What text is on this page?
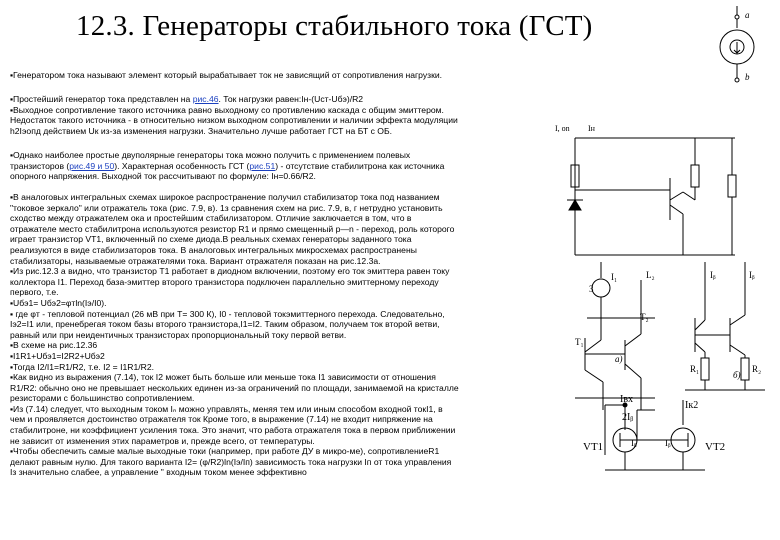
12.3. Генераторы стабильного тока (ГСТ)

▪Генератором тока называют элемент который вырабатывает ток не зависящий от сопротивления нагрузки.

▪Простейший генератор тока представлен на рис.46. Ток нагрузки равен:Iн-(Uст-Uбэ)/R2

▪Выходное сопротивление такого источника равно выходному со противлению каскада с общим эмиттером.

Недостаток такого источника - в относительно низком выходном сопротивлении и наличии эффекта модуляции

h2Iэопд действием Uк из-за изменения нагрузки. Значительно лучше работает ГСТ на БТ с ОБ.

▪Однако наиболее простые двуполярные генераторы тока можно получить с применением полевых

транзисторов (рис.49 и 50). Характерная особенность ГСТ (рис.51) - отсутствие стабилитрона как источника

опорного напряжения. Выходной ток рассчитывают по формуле: Iн=0.66/R2.

▪В аналоговых интегральных схемах широкое распространение получил стабилизатор тока под названием

"токовое зеркало" или отражатель тока (рис. 7.9, в). 1з сравнения схем на рис. 7.9, в, г нетрудно установить

сходство между отражателем ока и простейшим стабилизатором. Отличие заключается в том, что в

отражателе место стабилитрона используются резистор R1 и прямо смещенный р—n - переход, роль которого

играет транзистор VT1, включенный по схеме диода.В реальных схемах генераторы заданного тока

реализуются в виде стабилизаторов тока. В аналоговых интегральных микросхемах распространены

стабилизаторы, называемые отражателями тока. Вариант отражателя показан на рис.12.3а.

▪Из рис.12.3 а видно, что транзистор Т1 работает в диодном включении, поэтому его ток эмиттера равен току

коллектора I1. Переход база-эмиттер второго транзистора подключен параллельно эмиттерному переходу

первого, т.е.

▪Uбэ1= Uбэ2=φтln(Iэ/I0).

▪ где φт - тепловой потенциал (26 мВ при Т= 300 К), I0 - тепловой токэмиттерного перехода. Следовательно,

Iэ2=I1 или, пренебрегая током базы второго транзистора,I1=I2. Таким образом, получаем ток второй ветви,

равный или при неидентичных транзисторах пропорциональный току первой ветви.

▪В схеме на рис.12.36

▪I1R1+Uбэ1=I2R2+Uбэ2

▪Тогда I2/I1=R1/R2, т.е. I2 = I1R1/R2.

▪Как видно из выражения (7.14), ток I2 может быть больше или меньше тока I1 зависимости от отношения

R1/R2: обычно оно не превышает нескольких единен из-за ограничений по площади, занимаемой на кристалле

резисторами с большинство сопротивлением.

▪Из (7.14) следует, что выходным током Iₙ можно управлять, меняя тем или иным способом входной токI1, в

чем и проявляется достоинство отражателя ток Кроме того, в выражение (7.14) не входит нипряжение на

стабилитроне, ни коэффициент усиления тока. Это значит, что работа отражателя тока в первом приближении

не зависит от изменения этих параметров и, прежде всего, от температуры.

▪Чтобы обеспечить самые малые выходные токи (например, при работе ДУ в микро-ме), сопротивлениеR1

делают равным нулю. Для такого варианта I2= (φ/R2)ln(Iэ/Iп) зависимость тока нагрузки Iп от тока управления

Iз значительно слабее, а управление " входным током менее эффективно

a
b
I, on Iн
3
I₁	L₂
T₂
T₁
а)
Iᵦ	Iᵦ
R₁	R₂
б)
Iвх
Iк2
2Iᵦ
Iᵦ	Iᵦ
VT1	VT2
